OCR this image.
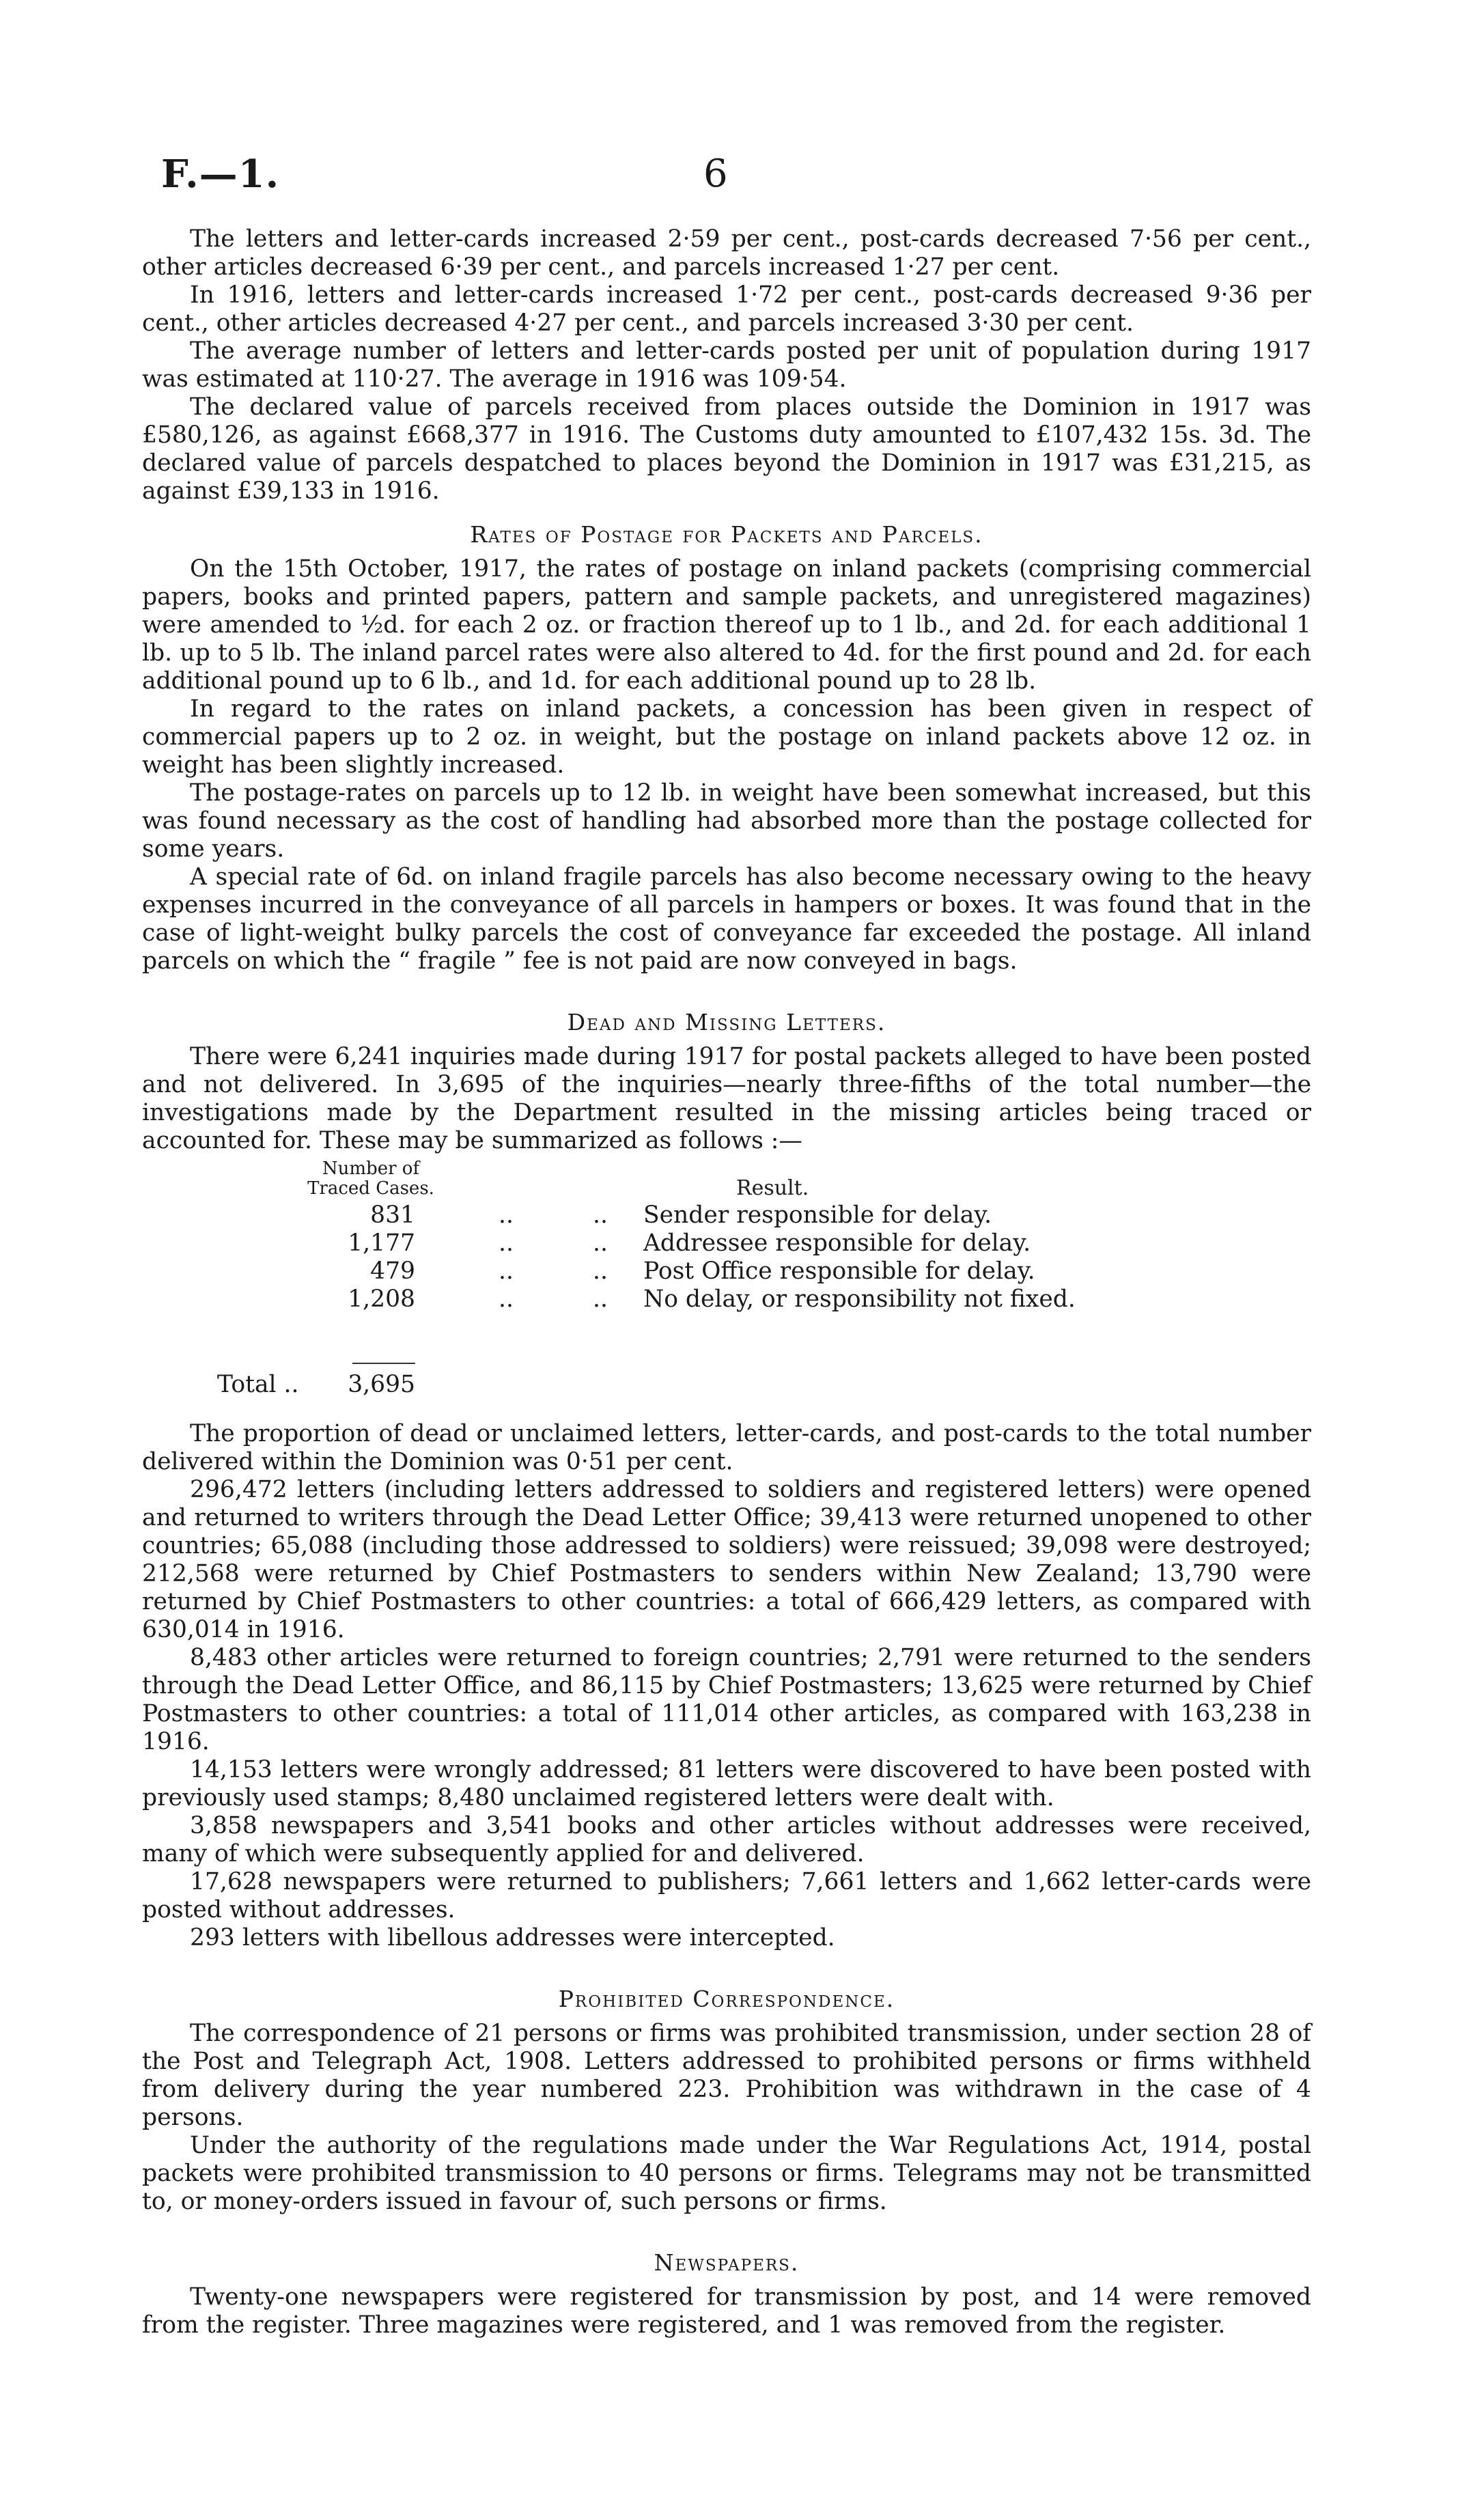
F.—1.	6

The letters and letter-cards increased 2·59 per cent., post-cards decreased 7·56 per cent., other articles decreased 6·39 per cent., and parcels increased 1·27 per cent.

In 1916, letters and letter-cards increased 1·72 per cent., post-cards decreased 9·36 per cent., other articles decreased 4·27 per cent., and parcels increased 3·30 per cent.

The average number of letters and letter-cards posted per unit of population during 1917 was estimated at 110·27. The average in 1916 was 109·54.

The declared value of parcels received from places outside the Dominion in 1917 was £580,126, as against £668,377 in 1916. The Customs duty amounted to £107,432 15s. 3d. The declared value of parcels despatched to places beyond the Dominion in 1917 was £31,215, as against £39,133 in 1916.

Rates of Postage for Packets and Parcels.

On the 15th October, 1917, the rates of postage on inland packets (comprising commercial papers, books and printed papers, pattern and sample packets, and unregistered magazines) were amended to ½d. for each 2 oz. or fraction thereof up to 1 lb., and 2d. for each additional 1 lb. up to 5 lb. The inland parcel rates were also altered to 4d. for the first pound and 2d. for each additional pound up to 6 lb., and 1d. for each additional pound up to 28 lb.

In regard to the rates on inland packets, a concession has been given in respect of commercial papers up to 2 oz. in weight, but the postage on inland packets above 12 oz. in weight has been slightly increased.

The postage-rates on parcels up to 12 lb. in weight have been somewhat increased, but this was found necessary as the cost of handling had absorbed more than the postage collected for some years.

A special rate of 6d. on inland fragile parcels has also become necessary owing to the heavy expenses incurred in the conveyance of all parcels in hampers or boxes. It was found that in the case of light-weight bulky parcels the cost of conveyance far exceeded the postage. All inland parcels on which the “ fragile ” fee is not paid are now conveyed in bags.

Dead and Missing Letters.

There were 6,241 inquiries made during 1917 for postal packets alleged to have been posted and not delivered. In 3,695 of the inquiries—nearly three-fifths of the total number—the investigations made by the Department resulted in the missing articles being traced or accounted for. These may be summarized as follows :—

Number of Traced Cases.	Result.
831	..	.. Sender responsible for delay.
1,177	..	.. Addressee responsible for delay.
479	..	.. Post Office responsible for delay.
1,208	..	.. No delay, or responsibility not fixed.
Total ..	3,695

The proportion of dead or unclaimed letters, letter-cards, and post-cards to the total number delivered within the Dominion was 0·51 per cent.

296,472 letters (including letters addressed to soldiers and registered letters) were opened and returned to writers through the Dead Letter Office; 39,413 were returned unopened to other countries; 65,088 (including those addressed to soldiers) were reissued; 39,098 were destroyed; 212,568 were returned by Chief Postmasters to senders within New Zealand; 13,790 were returned by Chief Postmasters to other countries: a total of 666,429 letters, as compared with 630,014 in 1916.

8,483 other articles were returned to foreign countries; 2,791 were returned to the senders through the Dead Letter Office, and 86,115 by Chief Postmasters; 13,625 were returned by Chief Postmasters to other countries: a total of 111,014 other articles, as compared with 163,238 in 1916.

14,153 letters were wrongly addressed; 81 letters were discovered to have been posted with previously used stamps; 8,480 unclaimed registered letters were dealt with.

3,858 newspapers and 3,541 books and other articles without addresses were received, many of which were subsequently applied for and delivered.

17,628 newspapers were returned to publishers; 7,661 letters and 1,662 letter-cards were posted without addresses.

293 letters with libellous addresses were intercepted.

Prohibited Correspondence.

The correspondence of 21 persons or firms was prohibited transmission, under section 28 of the Post and Telegraph Act, 1908. Letters addressed to prohibited persons or firms withheld from delivery during the year numbered 223. Prohibition was withdrawn in the case of 4 persons.

Under the authority of the regulations made under the War Regulations Act, 1914, postal packets were prohibited transmission to 40 persons or firms. Telegrams may not be transmitted to, or money-orders issued in favour of, such persons or firms.

Newspapers.

Twenty-one newspapers were registered for transmission by post, and 14 were removed from the register. Three magazines were registered, and 1 was removed from the register.
